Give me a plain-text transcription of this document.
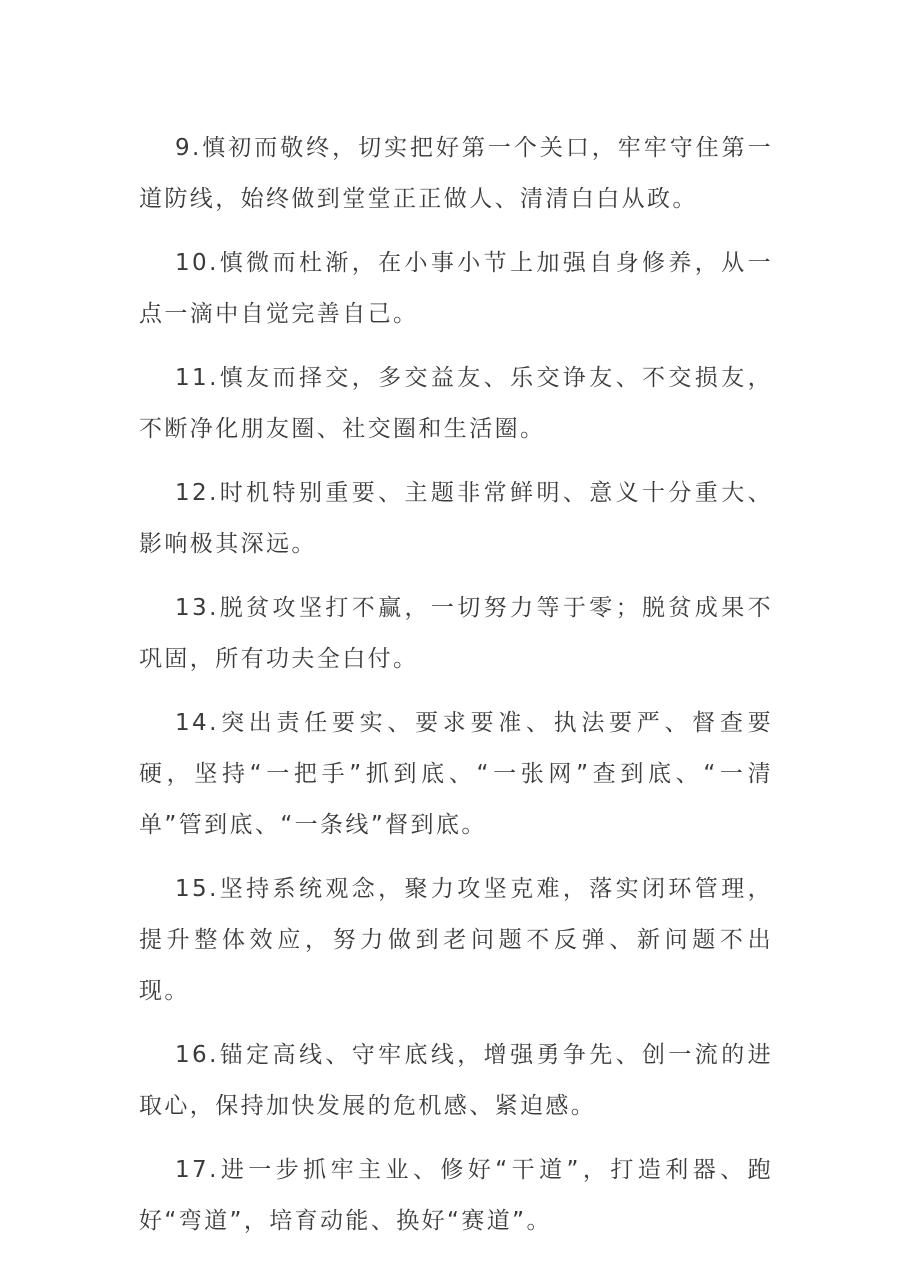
9.慎初而敬终，切实把好第一个关口，牢牢守住第一道防线，始终做到堂堂正正做人、清清白白从政。

10.慎微而杜渐，在小事小节上加强自身修养，从一点一滴中自觉完善自己。

11.慎友而择交，多交益友、乐交诤友、不交损友，不断净化朋友圈、社交圈和生活圈。

12.时机特别重要、主题非常鲜明、意义十分重大、影响极其深远。

13.脱贫攻坚打不赢，一切努力等于零；脱贫成果不巩固，所有功夫全白付。

14.突出责任要实、要求要准、执法要严、督查要硬，坚持“一把手”抓到底、“一张网”查到底、“一清单”管到底、“一条线”督到底。

15.坚持系统观念，聚力攻坚克难，落实闭环管理，提升整体效应，努力做到老问题不反弹、新问题不出现。

16.锚定高线、守牢底线，增强勇争先、创一流的进取心，保持加快发展的危机感、紧迫感。

17.进一步抓牢主业、修好“干道”，打造利器、跑好“弯道”，培育动能、换好“赛道”。
